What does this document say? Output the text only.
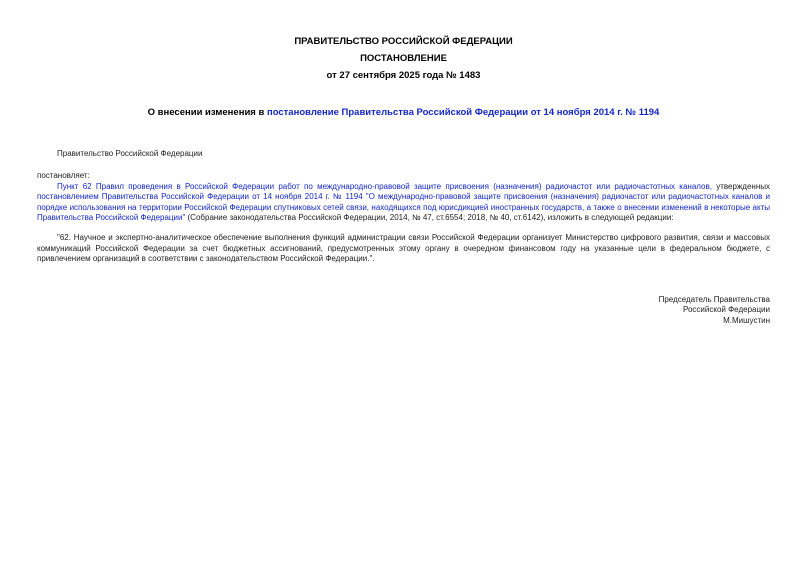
ПРАВИТЕЛЬСТВО РОССИЙСКОЙ ФЕДЕРАЦИИ
ПОСТАНОВЛЕНИЕ
от 27 сентября 2025 года № 1483
О внесении изменения в постановление Правительства Российской Федерации от 14 ноября 2014 г. № 1194
Правительство Российской Федерации
постановляет:
Пункт 62 Правил проведения в Российской Федерации работ по международно-правовой защите присвоения (назначения) радиочастот или радиочастотных каналов, утвержденных постановлением Правительства Российской Федерации от 14 ноября 2014 г. № 1194 "О международно-правовой защите присвоения (назначения) радиочастот или радиочастотных каналов и порядке использования на территории Российской Федерации спутниковых сетей связи, находящихся под юрисдикцией иностранных государств, а также о внесении изменений в некоторые акты Правительства Российской Федерации" (Собрание законодательства Российской Федерации, 2014, № 47, ст.6554; 2018, № 40, ст.6142), изложить в следующей редакции:
"62. Научное и экспертно-аналитическое обеспечение выполнения функций администрации связи Российской Федерации организует Министерство цифрового развития, связи и массовых коммуникаций Российской Федерации за счет бюджетных ассигнований, предусмотренных этому органу в очередном финансовом году на указанные цели в федеральном бюджете, с привлечением организаций в соответствии с законодательством Российской Федерации.".
Председатель Правительства
Российской Федерации
М.Мишустин
